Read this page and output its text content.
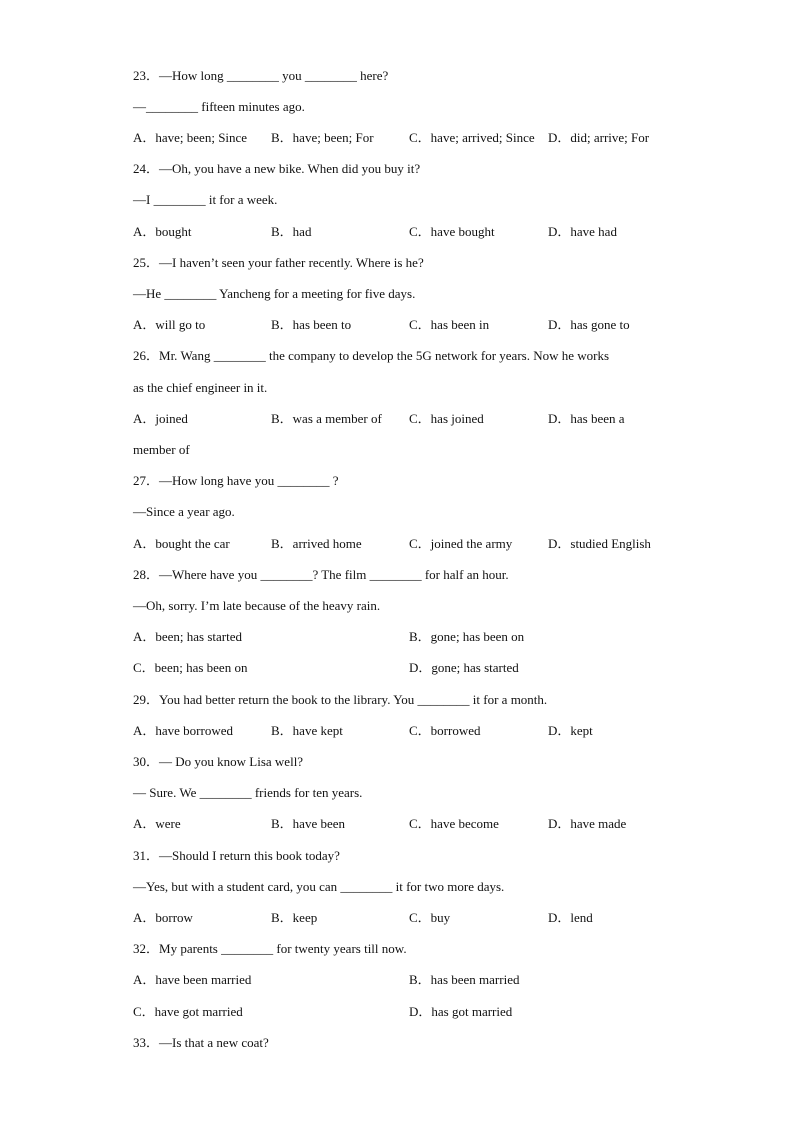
23．—How long ________ you ________ here?
—________ fifteen minutes ago.
A．have; been; Since B．have; been; For	C．have; arrived; Since D．did; arrive; For
24．—Oh, you have a new bike. When did you buy it?
—I ________ it for a week.
A．bought	B．had	C．have bought	D．have had
25．—I haven’t seen your father recently. Where is he?
—He ________ Yancheng for a meeting for five days.
A．will go to	B．has been to	C．has been in	D．has gone to
26．Mr. Wang ________ the company to develop the 5G network for years. Now he works
as the chief engineer in it.
A．joined	B．was a member of C．has joined	D．has been a
member of
27．—How long have you ________ ?
—Since a year ago.
A．bought the car	B．arrived home	C．joined the army	D．studied English
28．—Where have you ________? The film ________ for half an hour.
—Oh, sorry. I’m late because of the heavy rain.
A．been; has started	B．gone; has been on
C．been; has been on	D．gone; has started
29．You had better return the book to the library. You ________ it for a month.
A．have borrowed	B．have kept	C．borrowed	D．kept
30．— Do you know Lisa well?
— Sure. We ________ friends for ten years.
A．were	B．have been	C．have become	D．have made
31．—Should I return this book today?
—Yes, but with a student card, you can ________ it for two more days.
A．borrow	B．keep	C．buy	D．lend
32．My parents ________ for twenty years till now.
A．have been married	B．has been married
C．have got married	D．has got married
33．—Is that a new coat?
